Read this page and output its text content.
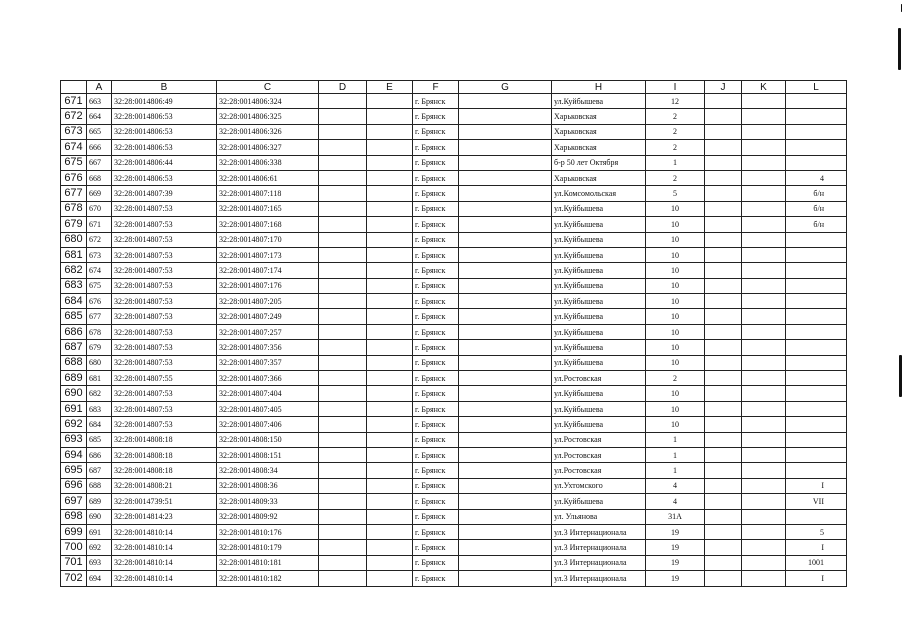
	A	B	C	D	E	F	G	H	I	J	K	L
671	663	32:28:0014806:49	32:28:0014806:324			г. Брянск		ул.Куйбышева	12			
672	664	32:28:0014806:53	32:28:0014806:325			г. Брянск		Харьковская	2			
673	665	32:28:0014806:53	32:28:0014806:326			г. Брянск		Харьковская	2			
674	666	32:28:0014806:53	32:28:0014806:327			г. Брянск		Харьковская	2			
675	667	32:28:0014806:44	32:28:0014806:338			г. Брянск		б-р 50 лет Октября	1			
676	668	32:28:0014806:53	32:28:0014806:61			г. Брянск		Харьковская	2			4
677	669	32:28:0014807:39	32:28:0014807:118			г. Брянск		ул.Комсомольская	5			б/н
678	670	32:28:0014807:53	32:28:0014807:165			г. Брянск		ул.Куйбышева	10			б/н
679	671	32:28:0014807:53	32:28:0014807:168			г. Брянск		ул.Куйбышева	10			б/н
680	672	32:28:0014807:53	32:28:0014807:170			г. Брянск		ул.Куйбышева	10			
681	673	32:28:0014807:53	32:28:0014807:173			г. Брянск		ул.Куйбышева	10			
682	674	32:28:0014807:53	32:28:0014807:174			г. Брянск		ул.Куйбышева	10			
683	675	32:28:0014807:53	32:28:0014807:176			г. Брянск		ул.Куйбышева	10			
684	676	32:28:0014807:53	32:28:0014807:205			г. Брянск		ул.Куйбышева	10			
685	677	32:28:0014807:53	32:28:0014807:249			г. Брянск		ул.Куйбышева	10			
686	678	32:28:0014807:53	32:28:0014807:257			г. Брянск		ул.Куйбышева	10			
687	679	32:28:0014807:53	32:28:0014807:356			г. Брянск		ул.Куйбышева	10			
688	680	32:28:0014807:53	32:28:0014807:357			г. Брянск		ул.Куйбышева	10			
689	681	32:28:0014807:55	32:28:0014807:366			г. Брянск		ул.Ростовская	2			
690	682	32:28:0014807:53	32:28:0014807:404			г. Брянск		ул.Куйбышева	10			
691	683	32:28:0014807:53	32:28:0014807:405			г. Брянск		ул.Куйбышева	10			
692	684	32:28:0014807:53	32:28:0014807:406			г. Брянск		ул.Куйбышева	10			
693	685	32:28:0014808:18	32:28:0014808:150			г. Брянск		ул.Ростовская	1			
694	686	32:28:0014808:18	32:28:0014808:151			г. Брянск		ул.Ростовская	1			
695	687	32:28:0014808:18	32:28:0014808:34			г. Брянск		ул.Ростовская	1			
696	688	32:28:0014808:21	32:28:0014808:36			г. Брянск		ул.Ухтомского	4			I
697	689	32:28:0014739:51	32:28:0014809:33			г. Брянск		ул.Куйбышева	4			VII
698	690	32:28:0014814:23	32:28:0014809:92			г. Брянск		ул. Ульянова	31А			
699	691	32:28:0014810:14	32:28:0014810:176			г. Брянск		ул.3 Интернационала	19			5
700	692	32:28:0014810:14	32:28:0014810:179			г. Брянск		ул.3 Интернационала	19			I
701	693	32:28:0014810:14	32:28:0014810:181			г. Брянск		ул.3 Интернационала	19			1001
702	694	32:28:0014810:14	32:28:0014810:182			г. Брянск		ул.3 Интернационала	19			I
